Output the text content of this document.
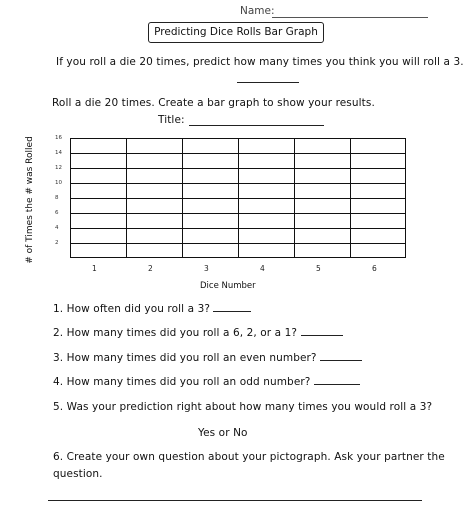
Name:
Predicting Dice Rolls Bar Graph
If you roll a die 20 times, predict how many times you think you will roll a 3.
Roll a die 20 times. Create a bar graph to show your results.
Title:
# of Times the # was Rolled	16
14
12
10
8
6
4
2
1	2	3	4	5	6
Dice Number
1. How often did you roll a 3?
2. How many times did you roll a 6, 2, or a 1?
3. How many times did you roll an even number?
4. How many times did you roll an odd number?
5. Was your prediction right about how many times you would roll a 3?
Yes or No
6. Create your own question about your pictograph. Ask your partner the
question.
